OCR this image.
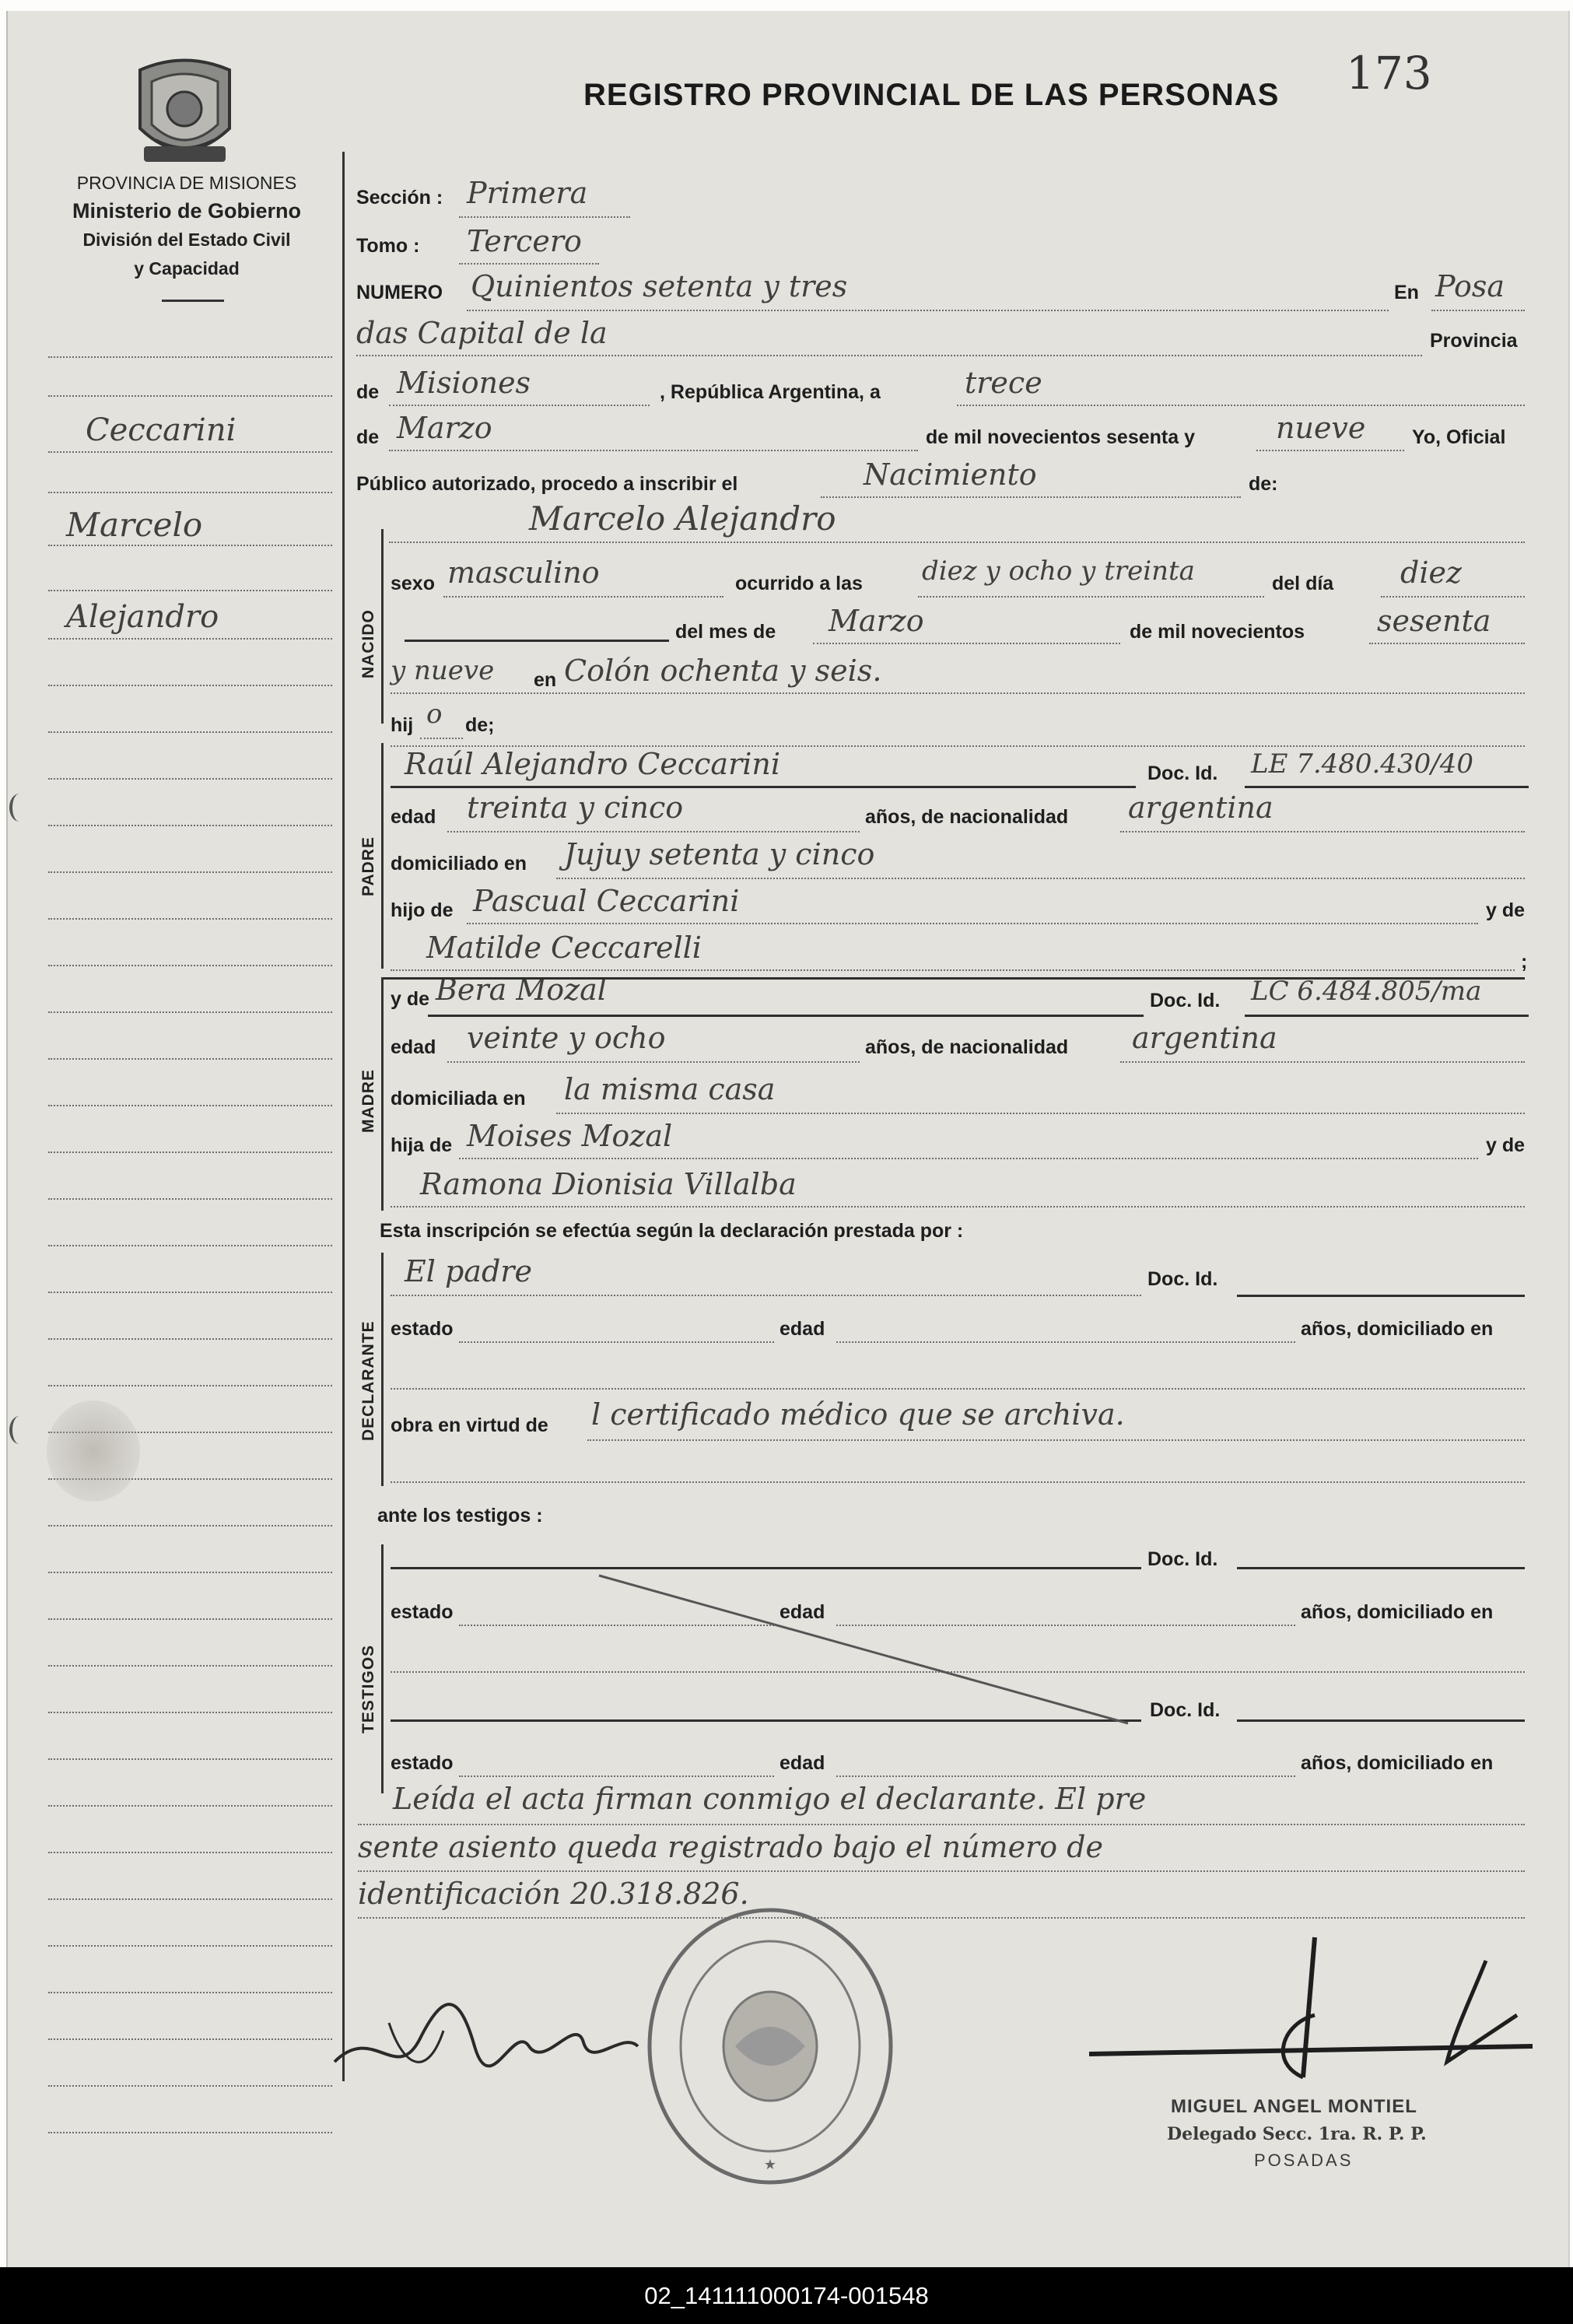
PROVINCIA DE MISIONES
Ministerio de Gobierno
División del Estado Civil
y Capacidad
REGISTRO PROVINCIAL DE LAS PERSONAS 173
Ceccarini
Marcelo
Alejandro
Sección : Primera
Tomo : Tercero
NUMERO Quinientos setenta y tres	En Posa
das Capital de la	Provincia
de Misiones	, República Argentina, a	trece
de Marzo	de mil novecientos sesenta y	nueve Yo, Oficial
Público autorizado, procedo a inscribir el	Nacimiento	de:
Marcelo Alejandro
NACIDO
sexo masculino	ocurrido a las diez y ocho y treinta	del día diez
del mes de Marzo	de mil novecientos sesenta
y nueve en Colón ochenta y seis.
hij o de;
PADRE
Raúl Alejandro Ceccarini	Doc. Id. LE 7.480.430/40
edad treinta y cinco	años, de nacionalidad argentina
domiciliado en Jujuy setenta y cinco
hijo de Pascual Ceccarini	y de
Matilde Ceccarelli	;
MADRE
y de Bera Mozal	Doc. Id. LC 6.484.805/ma
edad veinte y ocho	años, de nacionalidad argentina
domiciliada en la misma casa
hija de Moises Mozal	y de
Ramona Dionisia Villalba
Esta inscripción se efectúa según la declaración prestada por :
DECLARANTE
El padre	Doc. Id.
estado	edad	años, domiciliado en
obra en virtud de l certificado médico que se archiva.
ante los testigos :
TESTIGOS
Doc. Id.
estado	edad	años, domiciliado en
Doc. Id.
estado	edad	años, domiciliado en
Leída el acta firman conmigo el declarante. El pre
sente asiento queda registrado bajo el número de
identificación 20.318.826.
★
MIGUEL ANGEL MONTIEL
Delegado Secc. 1ra. R. P. P.
POSADAS
02_141111000174-001548
